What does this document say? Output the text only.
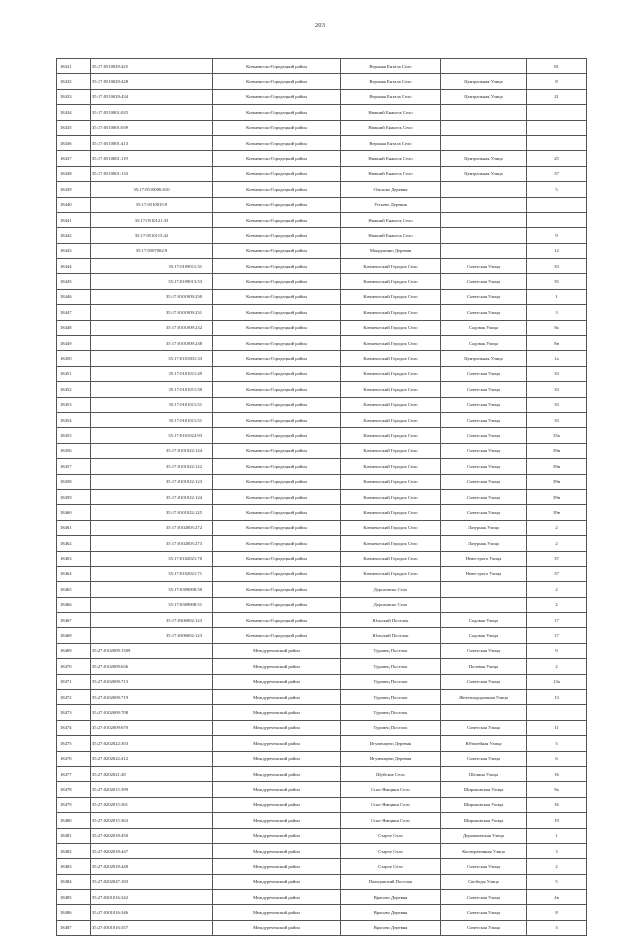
203
18431	35:17:0510029:425	Кичменгско-Городецкий район	Верхняя Ентала Село		81
18432	35:17:0510029:428	Кичменгско-Городецкий район	Верхняя Ентала Село	Центральная Улица	8
18433	35:17:0510029:434	Кичменгско-Городецкий район	Верхняя Ентала Село	Центральная Улица	21
18434	35:17:0510001:025	Кичменгско-Городецкий район	Нижний Енангск Село		
18435	35:17:0510001:039	Кичменгско-Городецкий район	Нижний Енангск Село		
18436	35:17:0510001:413	Кичменгско-Городецкий район	Верхняя Ентала Село		
18437	35:17:0510001:119	Кичменгско-Городецкий район	Нижний Енангск Село	Центральная Улица	25
18438	35:17:0510001:133	Кичменгско-Городецкий район	Нижний Енангск Село	Центральная Улица	37
18439	35:17:0510006:010	Кичменгско-Городецкий район	Ольхово Деревня		5
18440	35:17:0510015:9	Кичменгско-Городецкий район	Устьево Деревня		
18441	35:17:0510121:33	Кичменгско-Городецкий район	Нижний Енангск Село		
18442	35:17:0510115:42	Кичменгско-Городецкий район	Нижний Енангск Село		9
18443	35:17:0507002:9	Кичменгско-Городецкий район	Мокрушино Деревня		12
18444	35:17:0109011:31	Кичменгско-Городецкий район	Кичменгский Городок Село	Советская Улица	33
18445	35:17:0109013:53	Кичменгско-Городецкий район	Кичменгский Городок Село	Советская Улица	35
18446	35:17:0101009:230	Кичменгско-Городецкий район	Кичменгский Городок Село	Советская Улица	1
18447	35:17:0101009:231	Кичменгско-Городецкий район	Кичменгский Городок Село	Советская Улица	3
18448	35:17:0101009:232	Кичменгско-Городецкий район	Кичменгский Городок Село	Садовая Улица	8а
18449	35:17:0101009:238	Кичменгско-Городецкий район	Кичменгский Городок Село	Садовая Улица	8в
18450	35:17:0101001:33	Кичменгско-Городецкий район	Кичменгский Городок Село	Центральная Улица	1а
18451	35:17:0101011:49	Кичменгско-Городецкий район	Кичменгский Городок Село	Советская Улица	33
18452	35:17:0101011:50	Кичменгско-Городецкий район	Кичменгский Городок Село	Советская Улица	33
18453	35:17:0101011:51	Кичменгско-Городецкий район	Кичменгский Городок Село	Советская Улица	33
18454	35:17:0101011:51	Кичменгско-Городецкий район	Кичменгский Городок Село	Советская Улица	33
18455	35:17:0101022:93	Кичменгско-Городецкий район	Кичменгский Городок Село	Советская Улица	35а
18456	35:17:0101022:124	Кичменгско-Городецкий район	Кичменгский Городок Село	Советская Улица	39в
18457	35:17:0101022:122	Кичменгско-Городецкий район	Кичменгский Городок Село	Советская Улица	39в
18458	35:17:0101022:123	Кичменгско-Городецкий район	Кичменгский Городок Село	Советская Улица	39в
18459	35:17:0101022:124	Кичменгско-Городецкий район	Кичменгский Городок Село	Советская Улица	39в
18460	35:17:0101022:125	Кичменгско-Городецкий район	Кичменгский Городок Село	Советская Улица	39в
18461	35:17:0102005:272	Кичменгско-Городецкий район	Кичменгский Городок Село	Лазурная Улица	2
18462	35:17:0102005:273	Кичменгско-Городецкий район	Кичменгский Городок Село	Лазурная Улица	2
18463	35:17:0102021:70	Кичменгско-Городецкий район	Кичменгский Городок Село	Невестрого Улица	37
18464	35:17:0102021:71	Кичменгско-Городецкий район	Кичменгский Городок Село	Невестрого Улица	37
18465	35:17:0309008:50	Кичменгско-Городецкий район	Дороховско Село		2
18466	35:17:0309008:51	Кичменгско-Городецкий район	Дороховско Село		2
18467	35:17:0306002:123	Кичменгско-Городецкий район	Юльский Поселок	Садовая Улица	17
18468	35:17:0306002:123	Кичменгско-Городецкий район	Юльский Поселок	Садовая Улица	17
18469	35:27:0102009:1509	Междуреченский район	Туровец Поселок	Советская Улица	9
18470	35:27:0102009:636	Междуреченский район	Туровец Поселок	Полевая Улица	2
18471	35:27:0102009:713	Междуреченский район	Туровец Поселок	Советская Улица	13а
18472	35:27:0102009:719	Междуреченский район	Туровец Поселок	Железнодорожная Улица	13
18473	35:27:0102009:708	Междуреченский район	Туровец Поселок		
18474	35:27:0102009:670	Междуреченский район	Туровец Поселок	Советская Улица	11
18475	35:27:0202022:303	Междуреченский район	Игуменцево Деревня	Юбилейная Улица	5
18476	35:27:0202022:412	Междуреченский район	Игуменцево Деревня	Советская Улица	6
18477	35:27:0202021:28	Междуреченский район	Шуйское Село	Шелина Улица	16
18478	35:27:0202015:399	Междуреченский район	Спас-Ямщики Село	Широковская Улица	8а
18479	35:27:0202015:301	Междуреченский район	Спас-Ямщики Село	Широковская Улица	16
18480	35:27:0202015:363	Междуреченский район	Спас-Ямщики Село	Широковская Улица	19
18481	35:27:0202018:450	Междуреченский район	Старое Село	Дорожковская Улица	1
18482	35:27:0202018:447	Междуреченский район	Старое Село	Кооперативная Улица	3
18483	35:27:0202018:448	Междуреченский район	Старое Село	Советская Улица	2
18484	35:27:0202047:183	Междуреченский район	Пальцовский Поселок	Свободы Улица	5
18485	35:27:0301016:342	Междуреченский район	Врасово Деревня	Советская Улица	4в
18486	35:27:0301016:346	Междуреченский район	Врасово Деревня	Советская Улица	8
18487	35:27:0301016:357	Междуреченский район	Врасово Деревня	Советская Улица	3
